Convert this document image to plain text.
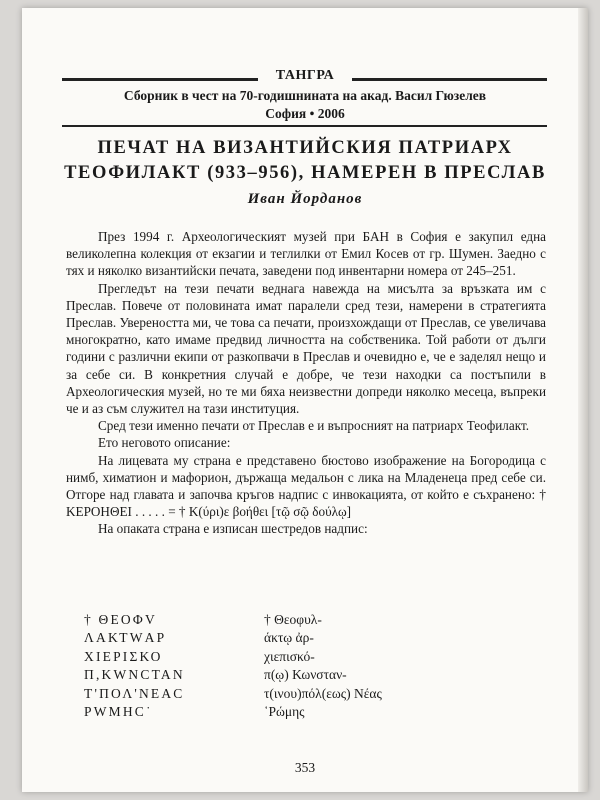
ТАНГРА
Сборник в чест на 70-годишнината на акад. Васил Гюзелев
София • 2006
ПЕЧАТ НА ВИЗАНТИЙСКИЯ ПАТРИАРХ
ТЕОФИЛАКТ (933–956), НАМЕРЕН В ПРЕСЛАВ
Иван Йорданов

През 1994 г. Археологическият музей при БАН в София е закупил една великолепна колекция от екзагии и теглилки от Емил Косев от гр. Шумен. Заедно с тях и няколко византийски печата, заведени под инвентарни номера от 245–251.

Прегледът на тези печати веднага навежда на мисълта за връзката им с Преслав. Повече от половината имат паралели сред тези, намерени в стратегията Преслав. Увереността ми, че това са печати, произхождащи от Преслав, се увеличава многократно, като имаме предвид личността на собственика. Той работи от дълги години с различни екипи от разкопвачи в Преслав и очевидно е, че е заделял нещо и за себе си. В конкретния случай е добре, че тези находки са постъпили в Археологическия музей, но те ми бяха неизвестни допреди няколко месеца, въпреки че и аз съм служител на тази институция.

Сред тези именно печати от Преслав е и въпросният на патриарх Теофилакт.

Ето неговото описание:

На лицевата му страна е представено бюстово изображение на Богородица с нимб, химатион и мафорион, държаща медальон с лика на Младенеца пред себе си. Отгоре над главата и започва кръгов надпис с инвокацията, от който е съхранено: † ΚΕΡΟΗΘΕΙ . . . . . = † Κ(ύρι)ε βοήθει [τῷ σῷ δούλῳ]

На опаката страна е изписан шестредов надпис:

† ΘΕΟΦV
ΛΑΚΤWΑΡ
ΧΙΕΡΙΣΚΟ
Π,ΚWΝCΤΑΝ
Τ'ΠΟΛ'ΝΕΑC
ΡWΜΗC˙
† Θεοφυλ-
άκτῳ ἀρ-
χιεπισκό-
π(ῳ) Κωνσταν-
τ(ινου)πόλ(εως) Νέας
῾Ρώμης
353
